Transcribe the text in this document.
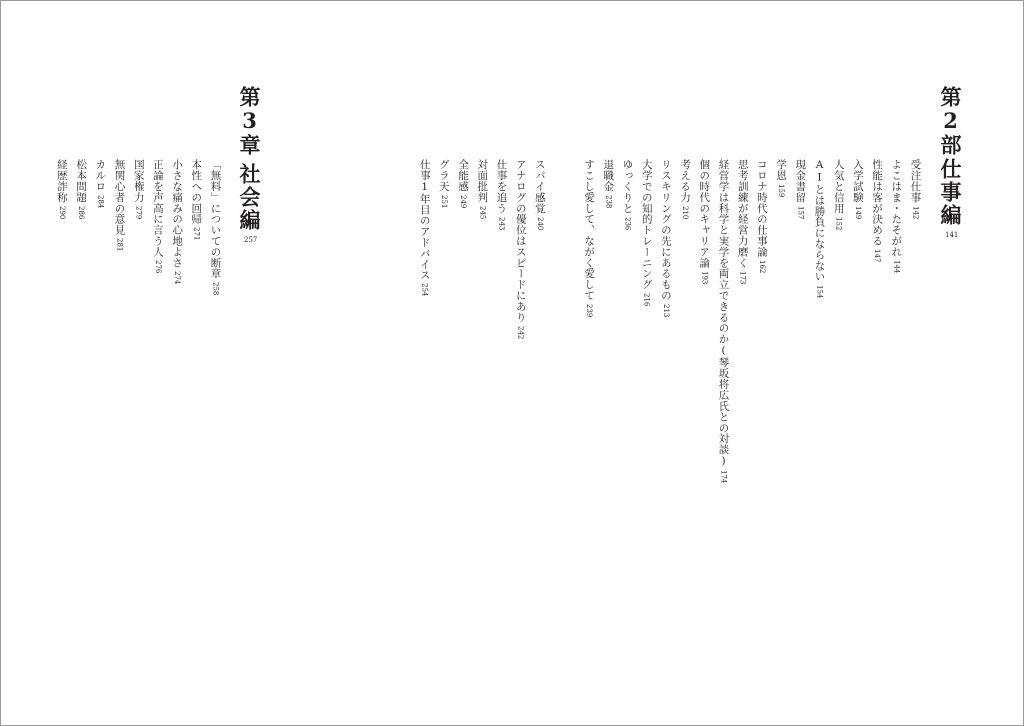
第2部
仕事編
141
第3章
社会編
257
受注仕事142
よこはま・たそがれ144
性能は客が決める147
入学試験149
人気と信用152
AIとは勝負にならない154
現金書留157
学恩159
コロナ時代の仕事論162
思考訓練が経営力磨く173
経営学は科学と実学を両立できるのか(琴坂将広氏との対談)174
個の時代のキャリア論193
考える力210
リスキリングの先にあるもの213
大学での知的トレーニング216
ゆっくりと236
退職金238
すこし愛して、ながく愛して239
スパイ感覚240
アナログの優位はスピードにあり242
仕事を追う243
対面批判245
全能感249
グラ天251
仕事1年目のアドバイス254
「無料」についての断章258
本性への回帰271
小さな痛みの心地よさ274
正論を声高に言う人276
国家権力279
無関心者の意見281
カルロ284
松本問題286
経歴詐称290
